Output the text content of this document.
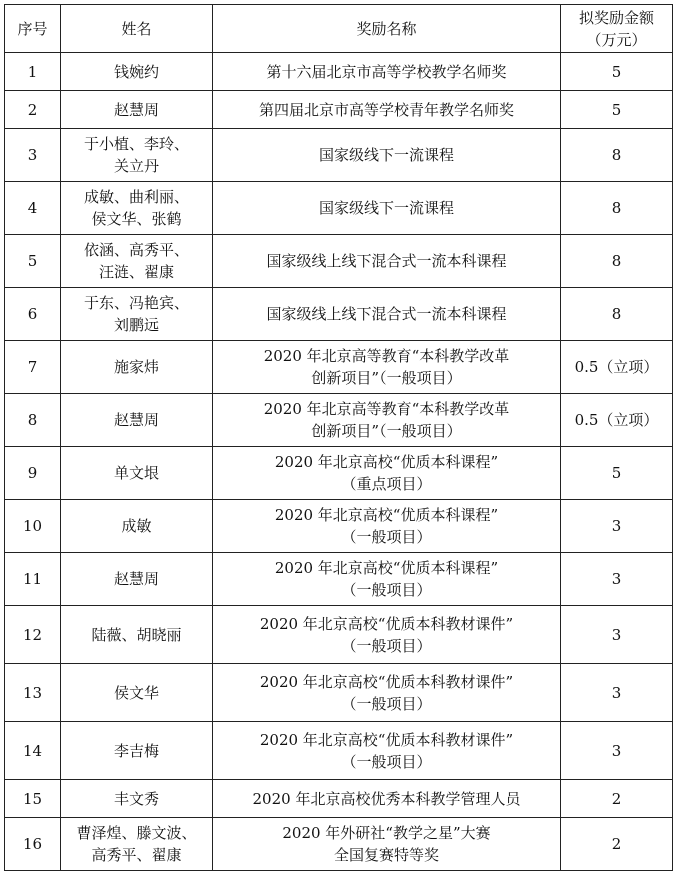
序号	姓名	奖励名称	拟奖励金额
（万元）
1	钱婉约	第十六届北京市高等学校教学名师奖	5
2	赵慧周	第四届北京市高等学校青年教学名师奖	5
3	于小植、李玲、
关立丹	国家级线下一流课程	8
4	成敏、曲利丽、
侯文华、张鹤	国家级线下一流课程	8
5	依涵、高秀平、
汪涟、翟康	国家级线上线下混合式一流本科课程	8
6	于东、冯艳宾、
刘鹏远	国家级线上线下混合式一流本科课程	8
7	施家炜	2020 年北京高等教育“本科教学改革
创新项目”（一般项目）	0.5（立项）
8	赵慧周	2020 年北京高等教育“本科教学改革
创新项目”（一般项目）	0.5（立项）
9	单文垠	2020 年北京高校“优质本科课程”
（重点项目）	5
10	成敏	2020 年北京高校“优质本科课程”
（一般项目）	3
11	赵慧周	2020 年北京高校“优质本科课程”
（一般项目）	3
12	陆薇、胡晓丽	2020 年北京高校“优质本科教材课件”
（一般项目）	3
13	侯文华	2020 年北京高校“优质本科教材课件”
（一般项目）	3
14	李吉梅	2020 年北京高校“优质本科教材课件”
（一般项目）	3
15	丰文秀	2020 年北京高校优秀本科教学管理人员	2
16	曹泽煌、滕文波、
高秀平、翟康	2020 年外研社“教学之星”大赛
全国复赛特等奖	2
